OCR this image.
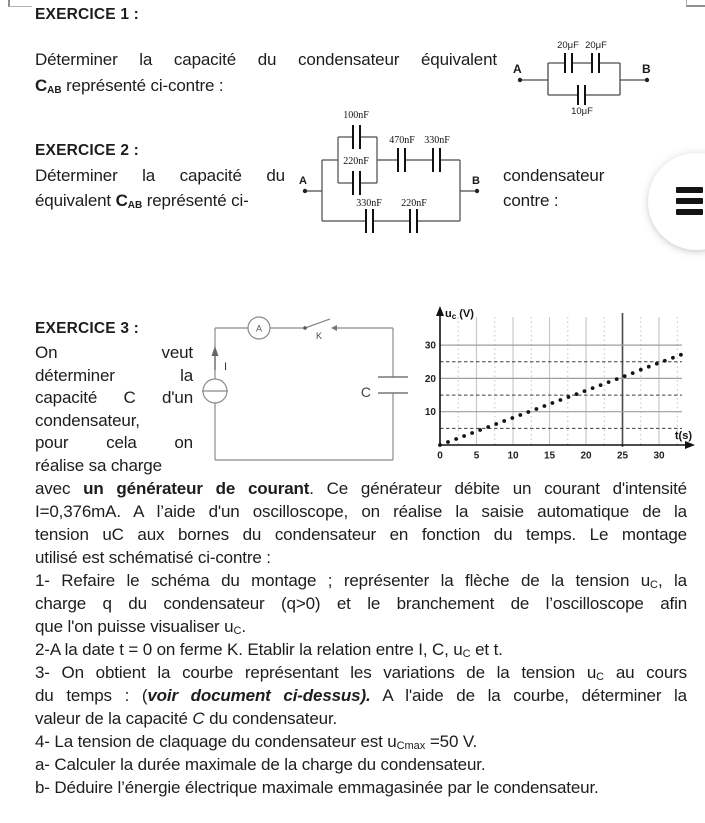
EXERCICE 1 :
Déterminer la capacité du condensateur équivalent
$C_{AB}$ représenté ci-contre :
A	B
20μF 20μF
10μF
EXERCICE 2 :
Déterminer la capacité du
équivalent $C_{AB}$ représenté ci-
condensateur
contre :
A	B
100nF
220nF
470nF 330nF
330nF 220nF
EXERCICE 3 :
On veut
déterminer la
capacité C d'un
condensateur,
pour cela on
réalise sa charge
A
K
I
C
uc (V)
t(s)
30
20
10
0	5	10	15	20	25	30
avec un générateur de courant. Ce générateur débite un courant d'intensité
I=0,376mA. A l’aide d'un oscilloscope, on réalise la saisie automatique de la
tension uC aux bornes du condensateur en fonction du temps. Le montage
utilisé est schématisé ci-contre :
1- Refaire le schéma du montage ; représenter la flèche de la tension $u_C$, la
charge q du condensateur (q>0) et le branchement de l’oscilloscope afin
que l'on puisse visualiser $u_C$.
2-A la date t = 0 on ferme K. Etablir la relation entre I, C, $u_C$ et t.
3- On obtient la courbe représentant les variations de la tension $u_C$ au cours
du temps : (voir document ci-dessus). A l'aide de la courbe, déterminer la
valeur de la capacité C du condensateur.
4- La tension de claquage du condensateur est $u_{Cmax} =50$ V.
a- Calculer la durée maximale de la charge du condensateur.
b- Déduire l’énergie électrique maximale emmagasinée par le condensateur.
